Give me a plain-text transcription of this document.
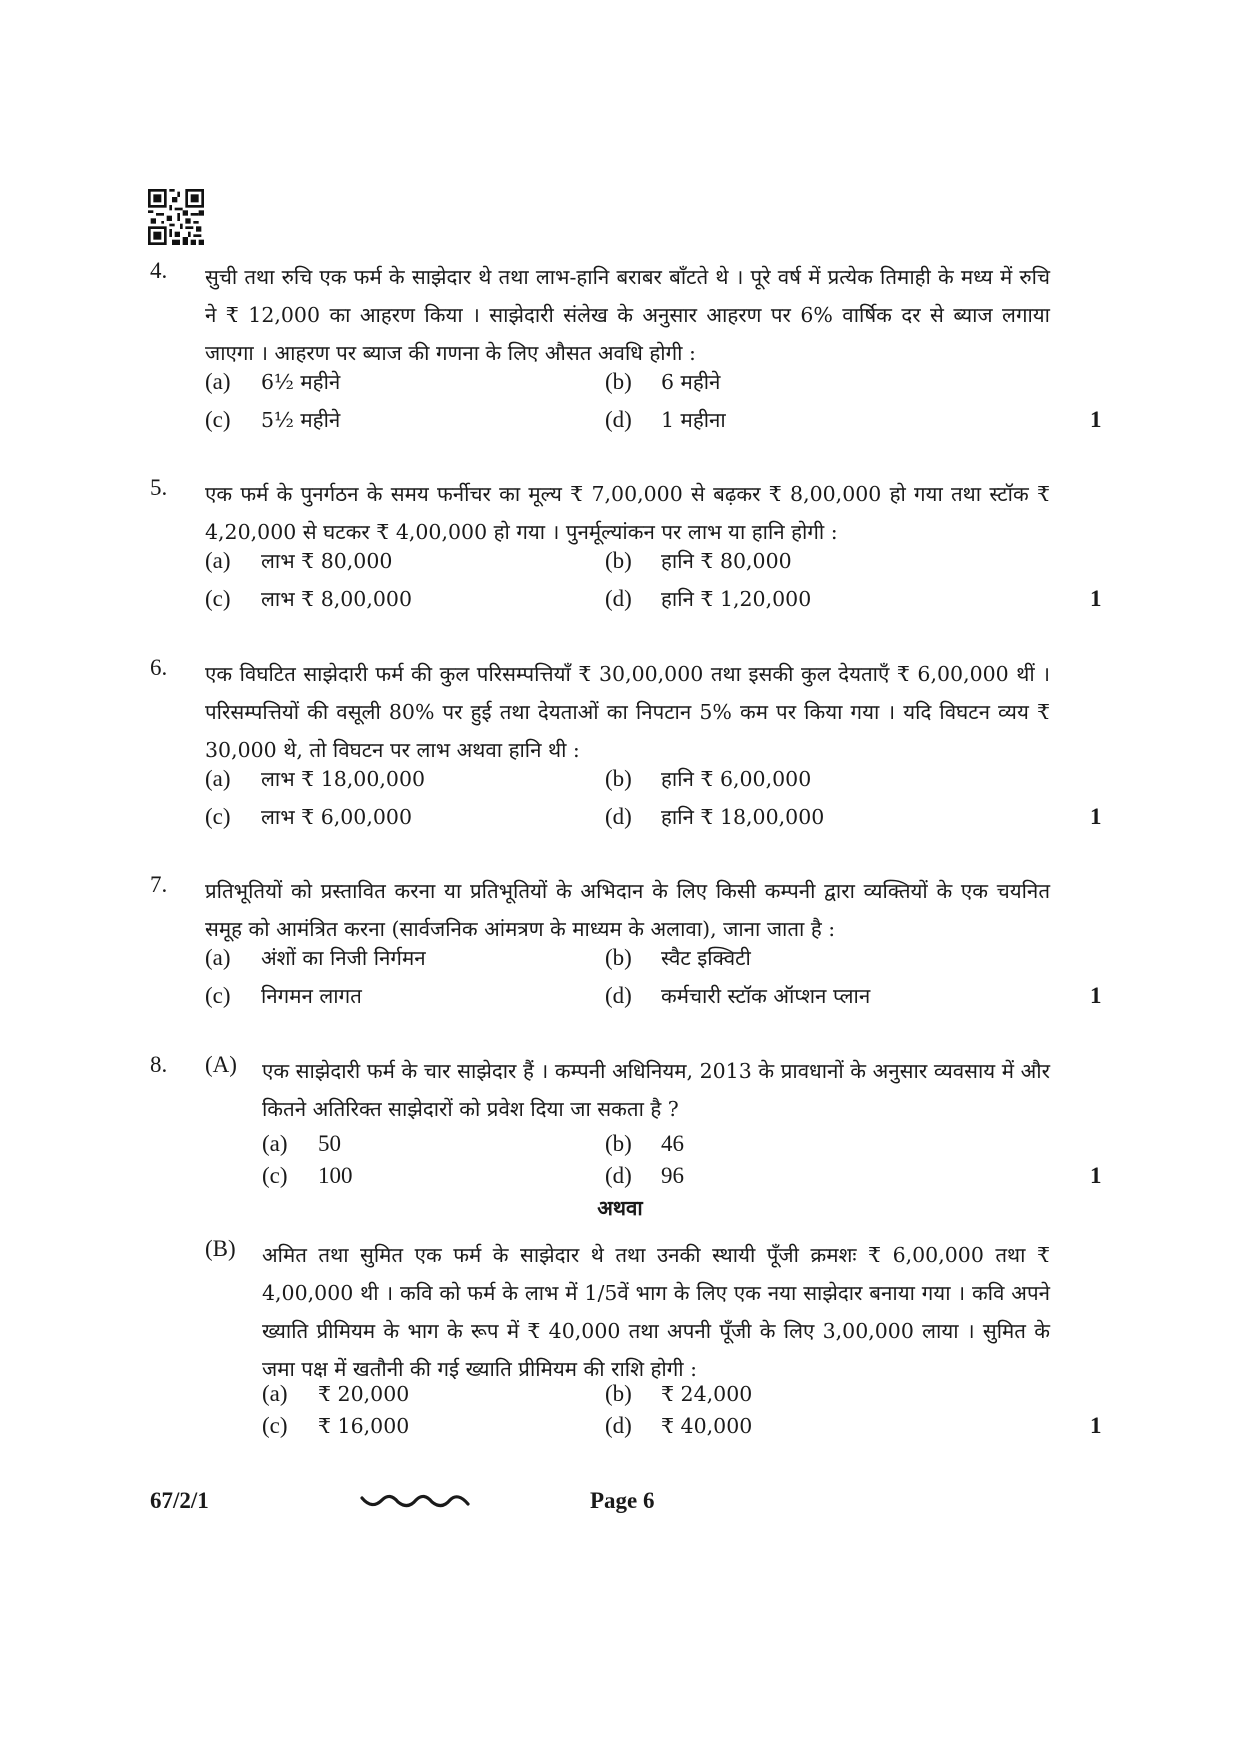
4. सुची तथा रुचि एक फर्म के साझेदार थे तथा लाभ-हानि बराबर बाँटते थे । पूरे वर्ष में प्रत्येक तिमाही के मध्य में रुचि ने ₹ 12,000 का आहरण किया । साझेदारी संलेख के अनुसार आहरण पर 6% वार्षिक दर से ब्याज लगाया जाएगा । आहरण पर ब्याज की गणना के लिए औसत अवधि होगी :
(a) 6½ महीने	(b) 6 महीने
(c) 5½ महीने	(d) 1 महीना	1
5. एक फर्म के पुनर्गठन के समय फर्नीचर का मूल्य ₹ 7,00,000 से बढ़कर ₹ 8,00,000 हो गया तथा स्टॉक ₹ 4,20,000 से घटकर ₹ 4,00,000 हो गया । पुनर्मूल्यांकन पर लाभ या हानि होगी :
(a) लाभ ₹ 80,000	(b) हानि ₹ 80,000
(c) लाभ ₹ 8,00,000	(d) हानि ₹ 1,20,000	1
6. एक विघटित साझेदारी फर्म की कुल परिसम्पत्तियाँ ₹ 30,00,000 तथा इसकी कुल देयताएँ ₹ 6,00,000 थीं । परिसम्पत्तियों की वसूली 80% पर हुई तथा देयताओं का निपटान 5% कम पर किया गया । यदि विघटन व्यय ₹ 30,000 थे, तो विघटन पर लाभ अथवा हानि थी :
(a) लाभ ₹ 18,00,000	(b) हानि ₹ 6,00,000
(c) लाभ ₹ 6,00,000	(d) हानि ₹ 18,00,000	1
7. प्रतिभूतियों को प्रस्तावित करना या प्रतिभूतियों के अभिदान के लिए किसी कम्पनी द्वारा व्यक्तियों के एक चयनित समूह को आमंत्रित करना (सार्वजनिक आंमत्रण के माध्यम के अलावा), जाना जाता है :
(a) अंशों का निजी निर्गमन	(b) स्वैट इक्विटी
(c) निगमन लागत	(d) कर्मचारी स्टॉक ऑप्शन प्लान	1
8. (A) एक साझेदारी फर्म के चार साझेदार हैं । कम्पनी अधिनियम, 2013 के प्रावधानों के अनुसार व्यवसाय में और कितने अतिरिक्त साझेदारों को प्रवेश दिया जा सकता है ?
(a) 50	(b) 46
(c) 100	(d) 96	1
अथवा
(B) अमित तथा सुमित एक फर्म के साझेदार थे तथा उनकी स्थायी पूँजी क्रमशः ₹ 6,00,000 तथा ₹ 4,00,000 थी । कवि को फर्म के लाभ में 1/5वें भाग के लिए एक नया साझेदार बनाया गया । कवि अपने ख्याति प्रीमियम के भाग के रूप में ₹ 40,000 तथा अपनी पूँजी के लिए 3,00,000 लाया । सुमित के जमा पक्ष में खतौनी की गई ख्याति प्रीमियम की राशि होगी :
(a) ₹ 20,000	(b) ₹ 24,000
(c) ₹ 16,000	(d) ₹ 40,000	1
67/2/1	Page 6
